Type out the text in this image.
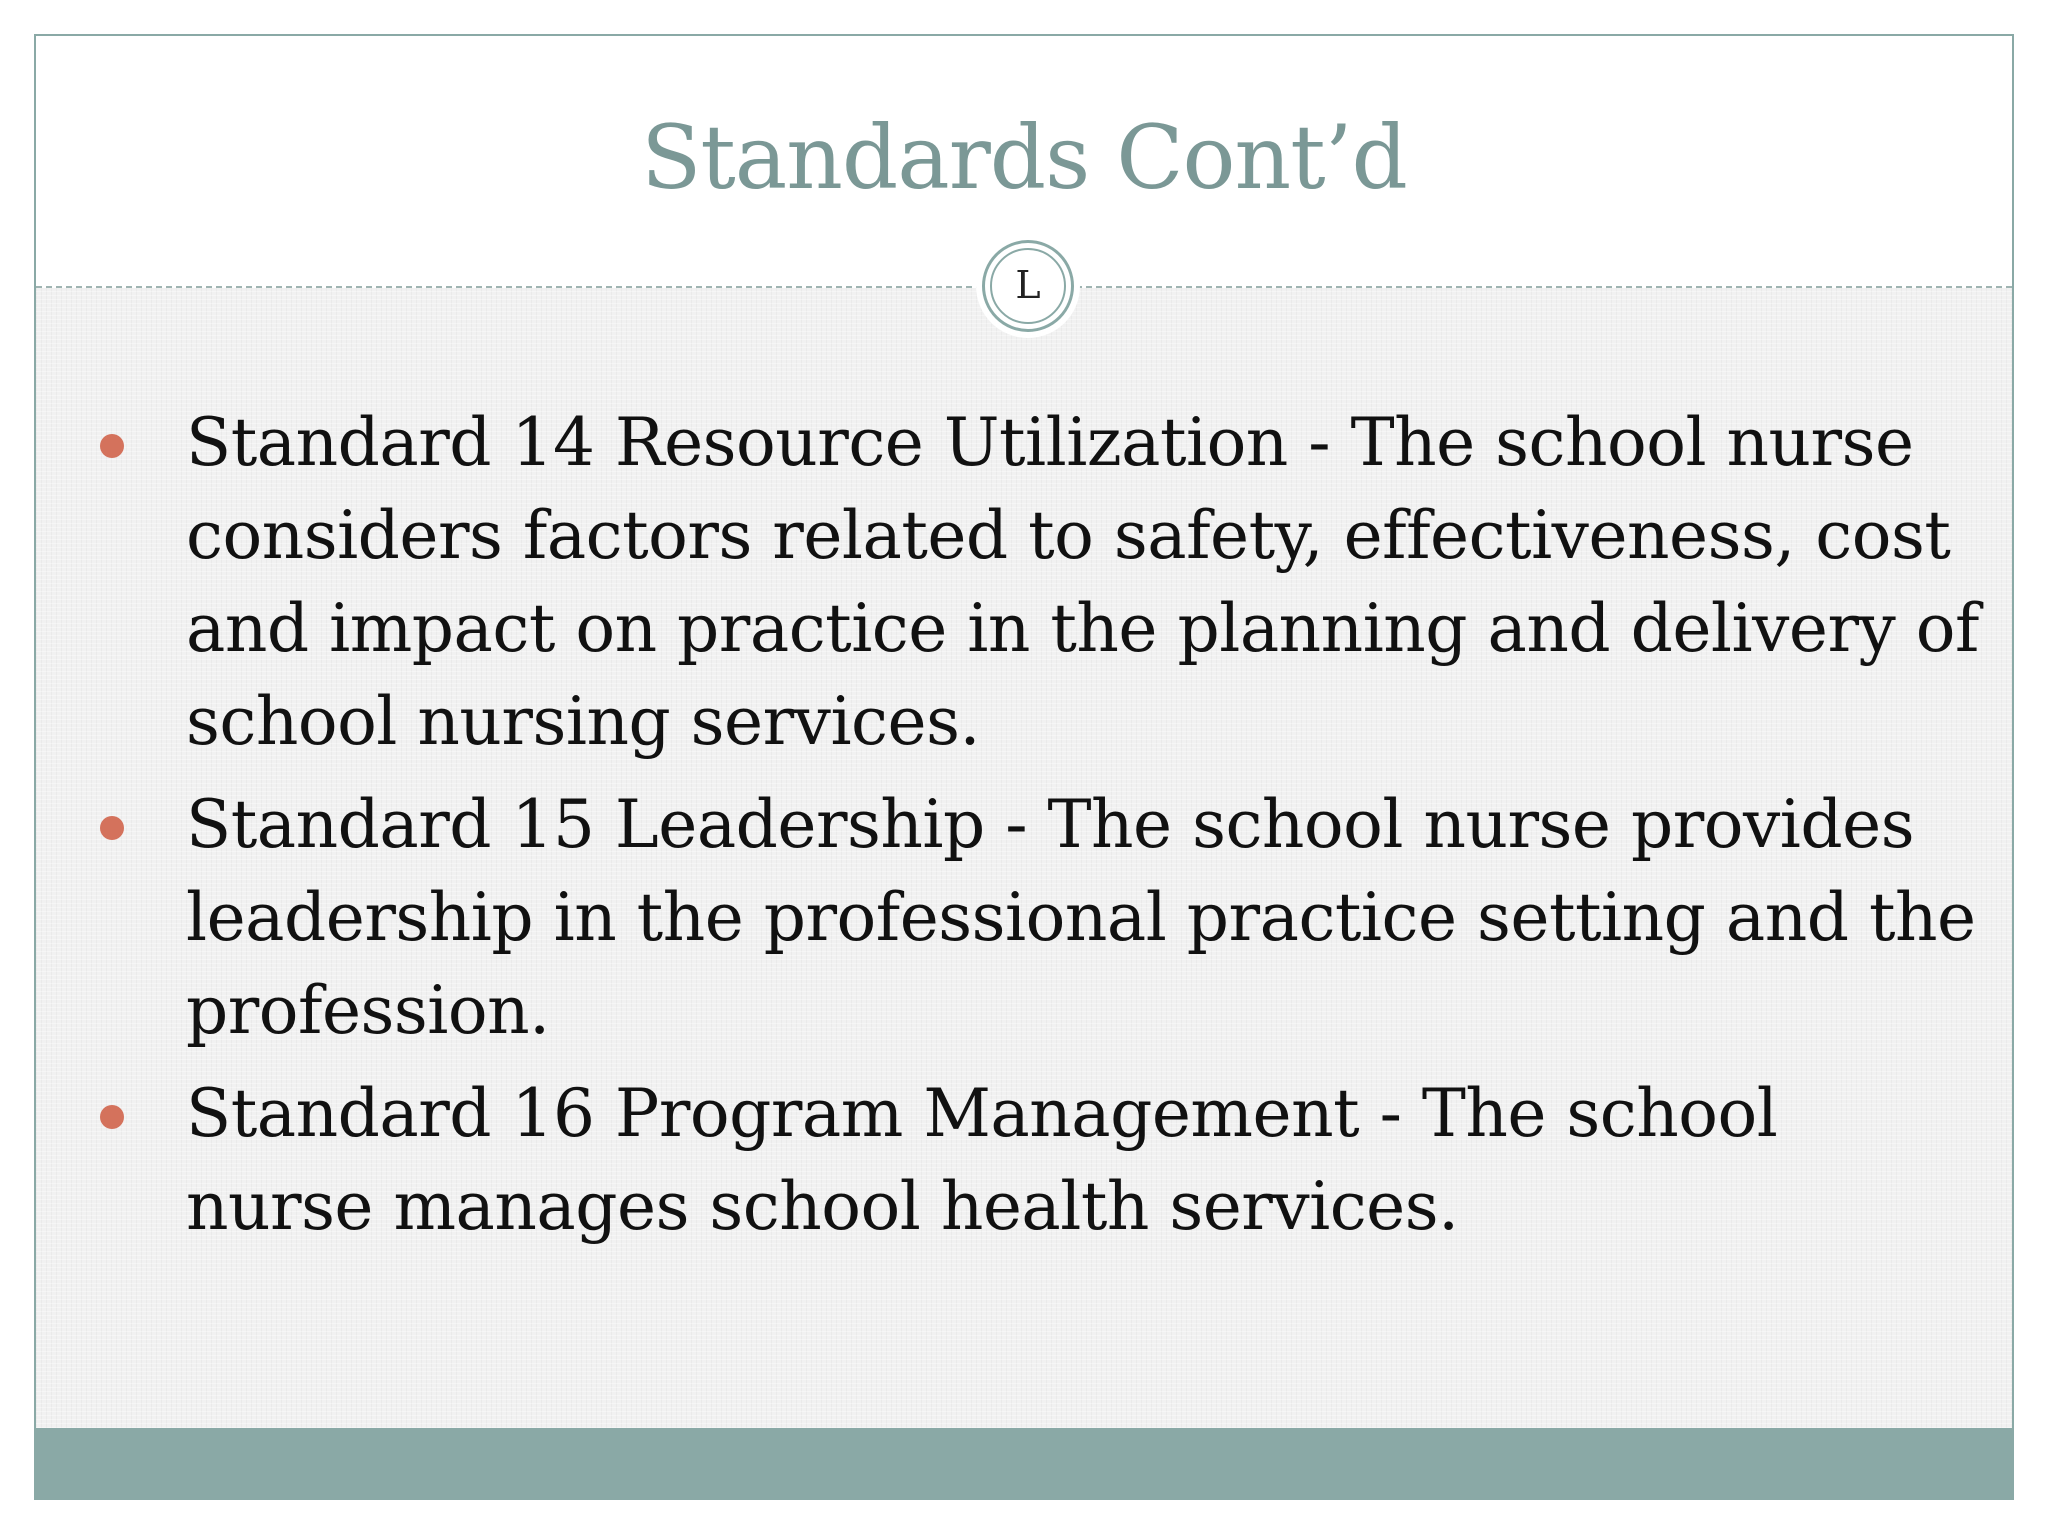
Standards Cont’d
Standard 14 Resource Utilization - The school nurse considers factors related to safety, effectiveness, cost and impact on practice in the planning and delivery of school nursing services.
Standard 15 Leadership - The school nurse provides leadership in the professional practice setting and the profession.
Standard 16 Program Management - The school nurse manages school health services.
L
